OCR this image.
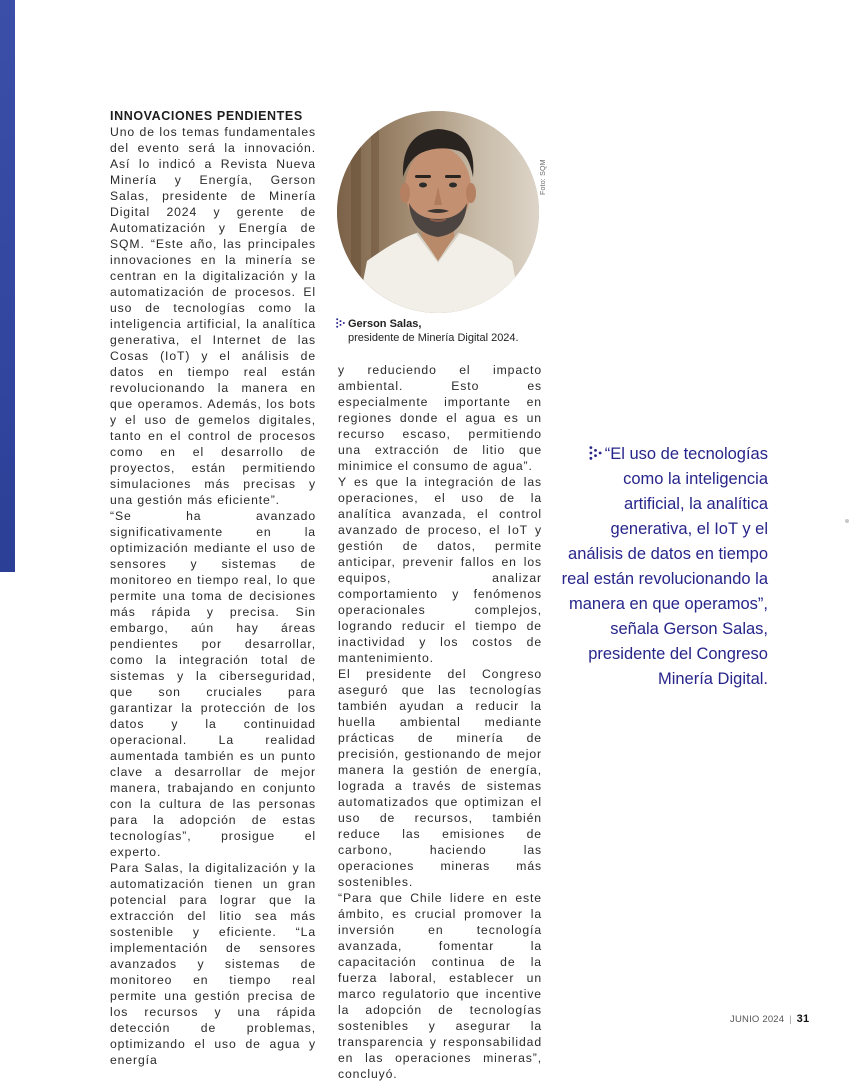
INNOVACIONES PENDIENTES

Uno de los temas fundamentales del evento será la innovación. Así lo indicó a Revista Nueva Minería y Energía, Gerson Salas, presidente de Minería Digital 2024 y gerente de Automatización y Energía de SQM. “Este año, las principales innovaciones en la minería se centran en la digitalización y la automatización de procesos. El uso de tecnologías como la inteligencia artificial, la analítica generativa, el Internet de las Cosas (IoT) y el análisis de datos en tiempo real están revolucionando la manera en que operamos. Además, los bots y el uso de gemelos digitales, tanto en el control de procesos como en el desarrollo de proyectos, están permitiendo simulaciones más precisas y una gestión más eficiente”.

“Se ha avanzado significativamente en la optimización mediante el uso de sensores y sistemas de monitoreo en tiempo real, lo que permite una toma de decisiones más rápida y precisa. Sin embargo, aún hay áreas pendientes por desarrollar, como la integración total de sistemas y la ciberseguridad, que son cruciales para garantizar la protección de los datos y la continuidad operacional. La realidad aumentada también es un punto clave a desarrollar de mejor manera, trabajando en conjunto con la cultura de las personas para la adopción de estas tecnologías”, prosigue el experto.

Para Salas, la digitalización y la automatización tienen un gran potencial para lograr que la extracción del litio sea más sostenible y eficiente. “La implementación de sensores avanzados y sistemas de monitoreo en tiempo real permite una gestión precisa de los recursos y una rápida detección de problemas, optimizando el uso de agua y energía

Foto: SQM
Gerson Salas,
presidente de Minería Digital 2024.

y reduciendo el impacto ambiental. Esto es especialmente importante en regiones donde el agua es un recurso escaso, permitiendo una extracción de litio que minimice el consumo de agua”.

Y es que la integración de las operaciones, el uso de la analítica avanzada, el control avanzado de proceso, el IoT y gestión de datos, permite anticipar, prevenir fallos en los equipos, analizar comportamiento y fenómenos operacionales complejos, logrando reducir el tiempo de inactividad y los costos de mantenimiento.

El presidente del Congreso aseguró que las tecnologías también ayudan a reducir la huella ambiental mediante prácticas de minería de precisión, gestionando de mejor manera la gestión de energía, lograda a través de sistemas automatizados que optimizan el uso de recursos, también reduce las emisiones de carbono, haciendo las operaciones mineras más sostenibles.

“Para que Chile lidere en este ámbito, es crucial promover la inversión en tecnología avanzada, fomentar la capacitación continua de la fuerza laboral, establecer un marco regulatorio que incentive la adopción de tecnologías sostenibles y asegurar la transparencia y responsabilidad en las operaciones mineras”, concluyó.

“El uso de tecnologías como la inteligencia artificial, la analítica generativa, el IoT y el análisis de datos en tiempo real están revolucionando la manera en que operamos”, señala Gerson Salas, presidente del Congreso Minería Digital.
JUNIO 2024 | 31
